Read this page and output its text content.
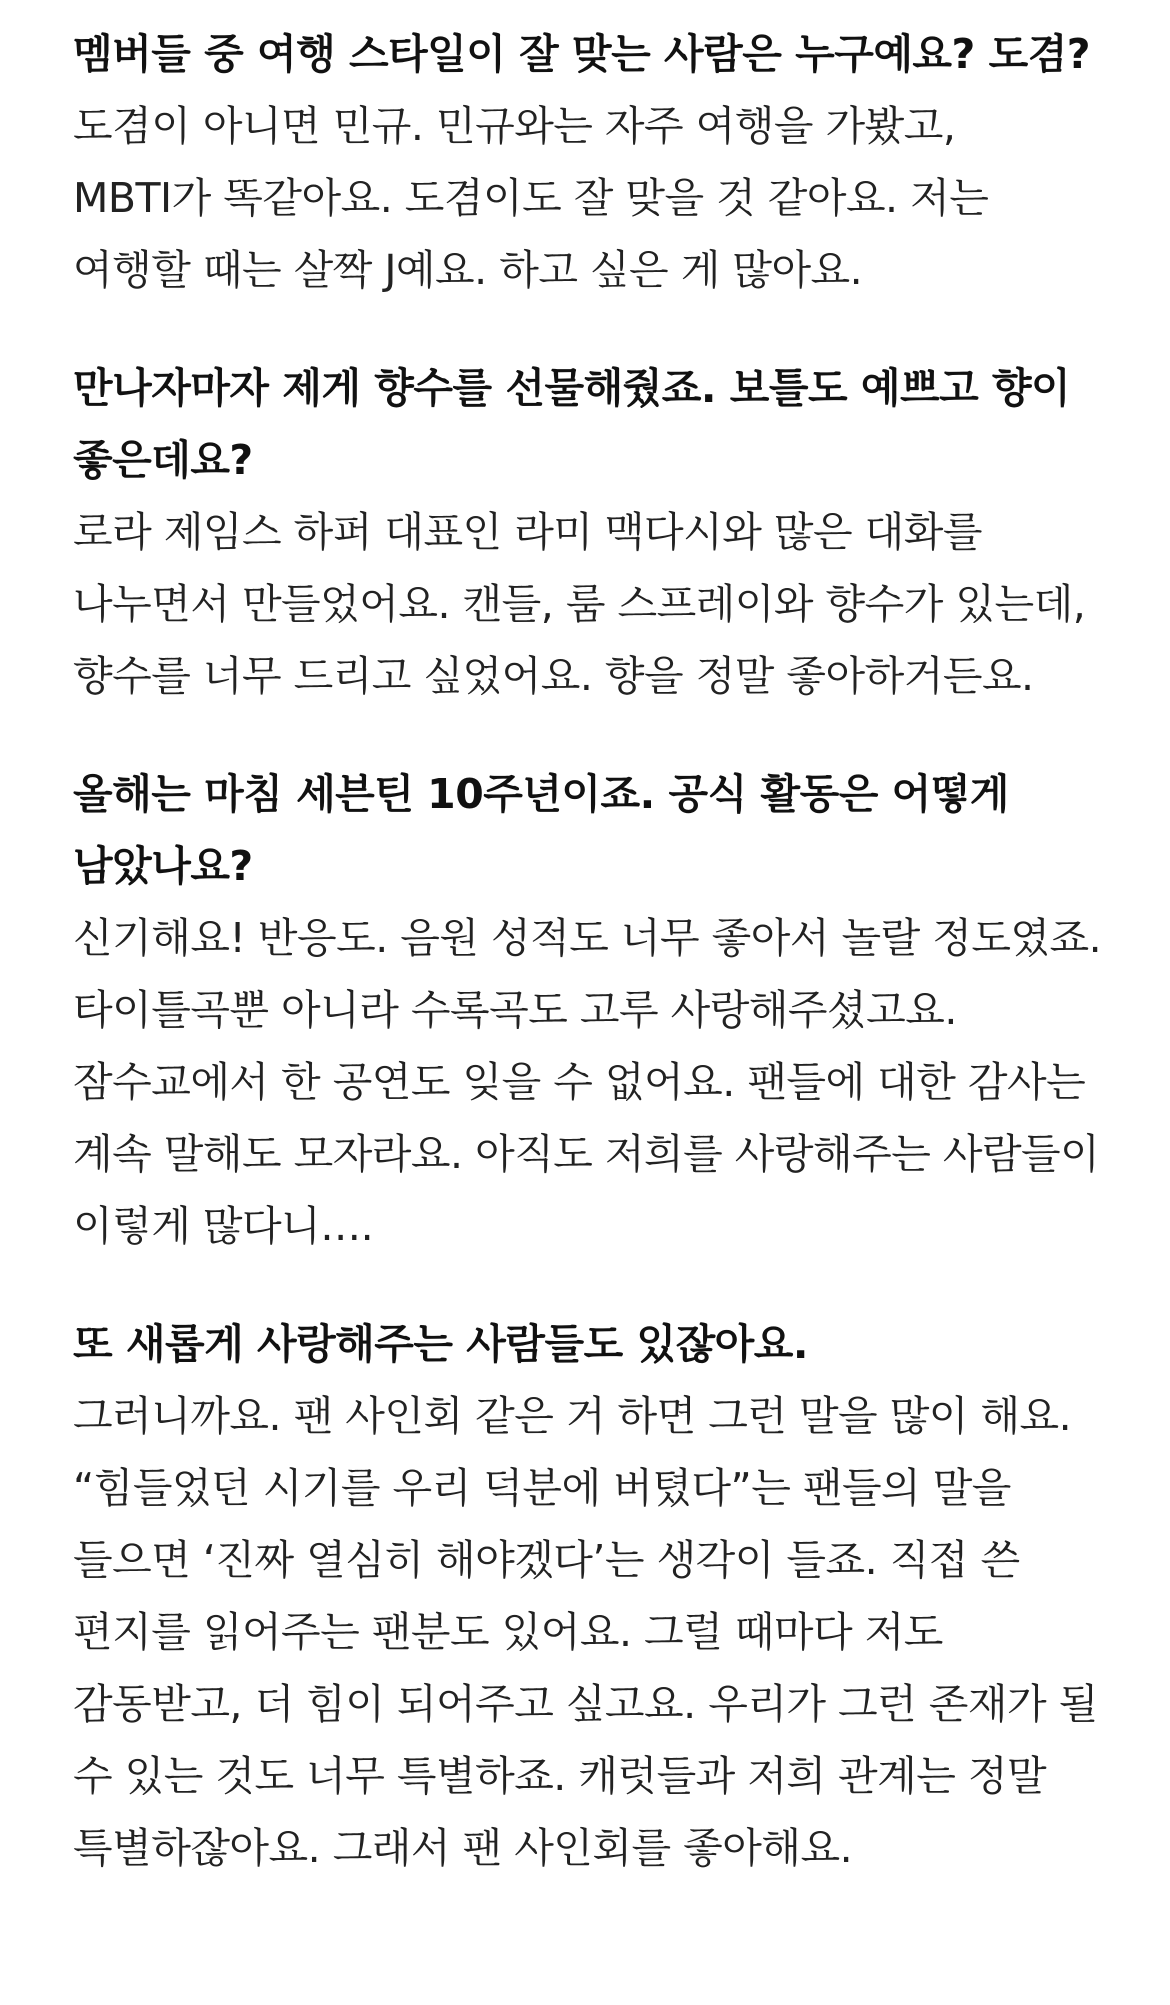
멤버들 중 여행 스타일이 잘 맞는 사람은 누구예요? 도겸?

도겸이 아니면 민규. 민규와는 자주 여행을 가봤고, MBTI가 똑같아요. 도겸이도 잘 맞을 것 같아요. 저는 여행할 때는 살짝 J예요. 하고 싶은 게 많아요.

만나자마자 제게 향수를 선물해줬죠. 보틀도 예쁘고 향이 좋은데요?

로라 제임스 하퍼 대표인 라미 맥다시와 많은 대화를 나누면서 만들었어요. 캔들, 룸 스프레이와 향수가 있는데, 향수를 너무 드리고 싶었어요. 향을 정말 좋아하거든요.

올해는 마침 세븐틴 10주년이죠. 공식 활동은 어떻게 남았나요?

신기해요! 반응도. 음원 성적도 너무 좋아서 놀랄 정도였죠. 타이틀곡뿐 아니라 수록곡도 고루 사랑해주셨고요. 잠수교에서 한 공연도 잊을 수 없어요. 팬들에 대한 감사는 계속 말해도 모자라요. 아직도 저희를 사랑해주는 사람들이 이렇게 많다니….

또 새롭게 사랑해주는 사람들도 있잖아요.

그러니까요. 팬 사인회 같은 거 하면 그런 말을 많이 해요. “힘들었던 시기를 우리 덕분에 버텼다”는 팬들의 말을 들으면 ‘진짜 열심히 해야겠다’는 생각이 들죠. 직접 쓴 편지를 읽어주는 팬분도 있어요. 그럴 때마다 저도 감동받고, 더 힘이 되어주고 싶고요. 우리가 그런 존재가 될 수 있는 것도 너무 특별하죠. 캐럿들과 저희 관계는 정말 특별하잖아요. 그래서 팬 사인회를 좋아해요.
